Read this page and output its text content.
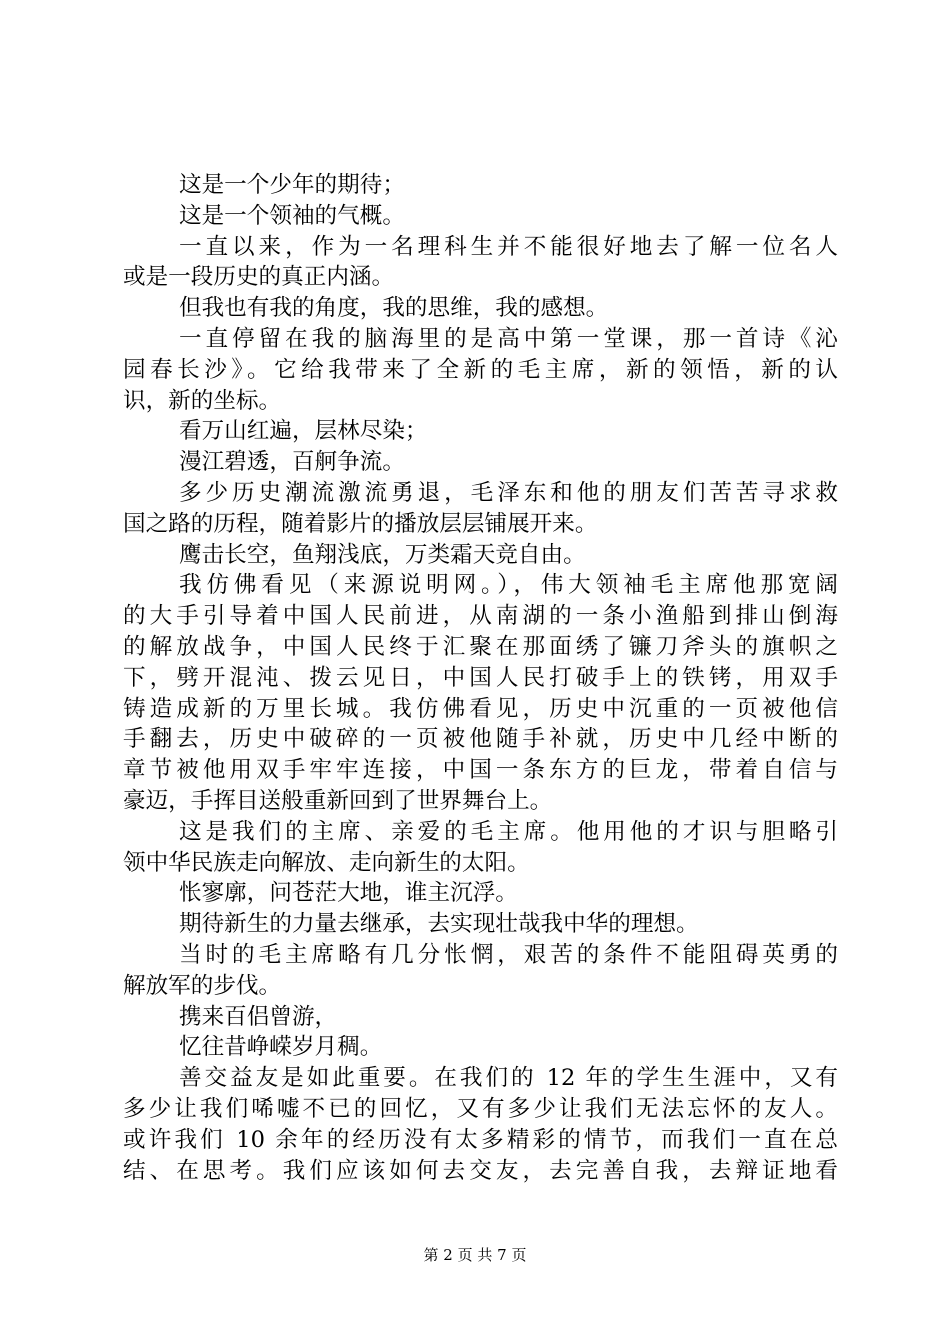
这是一个少年的期待；
这是一个领袖的气概。
一直以来，作为一名理科生并不能很好地去了解一位名人
或是一段历史的真正内涵。
但我也有我的角度，我的思维，我的感想。
一直停留在我的脑海里的是高中第一堂课，那一首诗《沁
园春长沙》。它给我带来了全新的毛主席，新的领悟，新的认
识，新的坐标。
看万山红遍，层林尽染；
漫江碧透，百舸争流。
多少历史潮流激流勇退，毛泽东和他的朋友们苦苦寻求救
国之路的历程，随着影片的播放层层铺展开来。
鹰击长空，鱼翔浅底，万类霜天竞自由。
我仿佛看见（来源说明网。），伟大领袖毛主席他那宽阔
的大手引导着中国人民前进，从南湖的一条小渔船到排山倒海
的解放战争，中国人民终于汇聚在那面绣了镰刀斧头的旗帜之
下，劈开混沌、拨云见日，中国人民打破手上的铁铐，用双手
铸造成新的万里长城。我仿佛看见，历史中沉重的一页被他信
手翻去，历史中破碎的一页被他随手补就，历史中几经中断的
章节被他用双手牢牢连接，中国一条东方的巨龙，带着自信与
豪迈，手挥目送般重新回到了世界舞台上。
这是我们的主席、亲爱的毛主席。他用他的才识与胆略引
领中华民族走向解放、走向新生的太阳。
怅寥廓，问苍茫大地，谁主沉浮。
期待新生的力量去继承，去实现壮哉我中华的理想。
当时的毛主席略有几分怅惘，艰苦的条件不能阻碍英勇的
解放军的步伐。
携来百侣曾游，
忆往昔峥嵘岁月稠。
善交益友是如此重要。在我们的 12 年的学生生涯中，又有
多少让我们唏嘘不已的回忆，又有多少让我们无法忘怀的友人。
或许我们 10 余年的经历没有太多精彩的情节，而我们一直在总
结、在思考。我们应该如何去交友，去完善自我，去辩证地看
第 2 页 共 7 页
